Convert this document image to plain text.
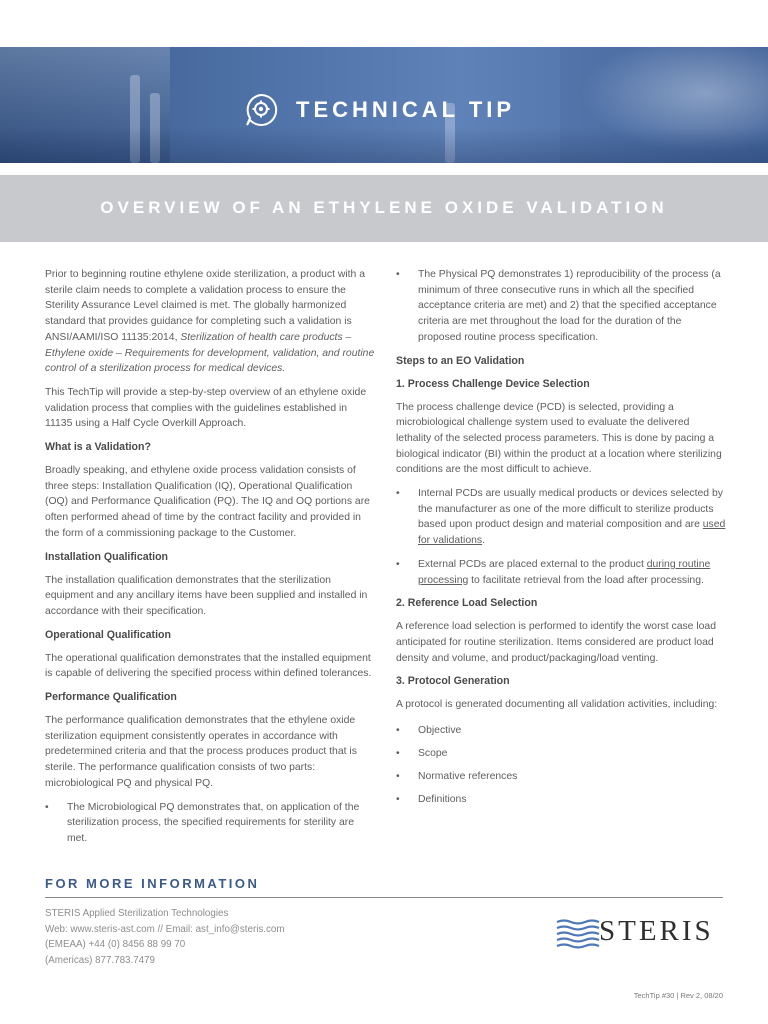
TECHNICAL TIP
OVERVIEW OF AN ETHYLENE OXIDE VALIDATION

Prior to beginning routine ethylene oxide sterilization, a product with a sterile claim needs to complete a validation process to ensure the Sterility Assurance Level claimed is met. The globally harmonized standard that provides guidance for completing such a validation is ANSI/AAMI/ISO 11135:2014, Sterilization of health care products – Ethylene oxide – Requirements for development, validation, and routine control of a sterilization process for medical devices.

This TechTip will provide a step-by-step overview of an ethylene oxide validation process that complies with the guidelines established in 11135 using a Half Cycle Overkill Approach.

What is a Validation?

Broadly speaking, and ethylene oxide process validation consists of three steps: Installation Qualification (IQ), Operational Qualification (OQ) and Performance Qualification (PQ). The IQ and OQ portions are often performed ahead of time by the contract facility and provided in the form of a commissioning package to the Customer.

Installation Qualification

The installation qualification demonstrates that the sterilization equipment and any ancillary items have been supplied and installed in accordance with their specification.

Operational Qualification

The operational qualification demonstrates that the installed equipment is capable of delivering the specified process within defined tolerances.

Performance Qualification

The performance qualification demonstrates that the ethylene oxide sterilization equipment consistently operates in accordance with predetermined criteria and that the process produces product that is sterile. The performance qualification consists of two parts: microbiological PQ and physical PQ.

• The Microbiological PQ demonstrates that, on application of the sterilization process, the specified requirements for sterility are met.
• The Physical PQ demonstrates 1) reproducibility of the process (a minimum of three consecutive runs in which all the specified acceptance criteria are met) and 2) that the specified acceptance criteria are met throughout the load for the duration of the proposed routine process specification.
Steps to an EO Validation
1. Process Challenge Device Selection

The process challenge device (PCD) is selected, providing a microbiological challenge system used to evaluate the delivered lethality of the selected process parameters. This is done by pacing a biological indicator (BI) within the product at a location where sterilizing conditions are the most difficult to achieve.

• Internal PCDs are usually medical products or devices selected by the manufacturer as one of the more difficult to sterilize products based upon product design and material composition and are used for validations.
• External PCDs are placed external to the product during routine processing to facilitate retrieval from the load after processing.
2. Reference Load Selection

A reference load selection is performed to identify the worst case load anticipated for routine sterilization. Items considered are product load density and volume, and product/packaging/load venting.

3. Protocol Generation

A protocol is generated documenting all validation activities, including:

• Objective
• Scope
• Normative references
• Definitions
FOR MORE INFORMATION
STERIS Applied Sterilization Technologies
Web: www.steris-ast.com // Email: ast_info@steris.com
(EMEAA) +44 (0) 8456 88 99 70
(Americas) 877.783.7479
STERIS
TechTip #30 | Rev 2, 08/20
